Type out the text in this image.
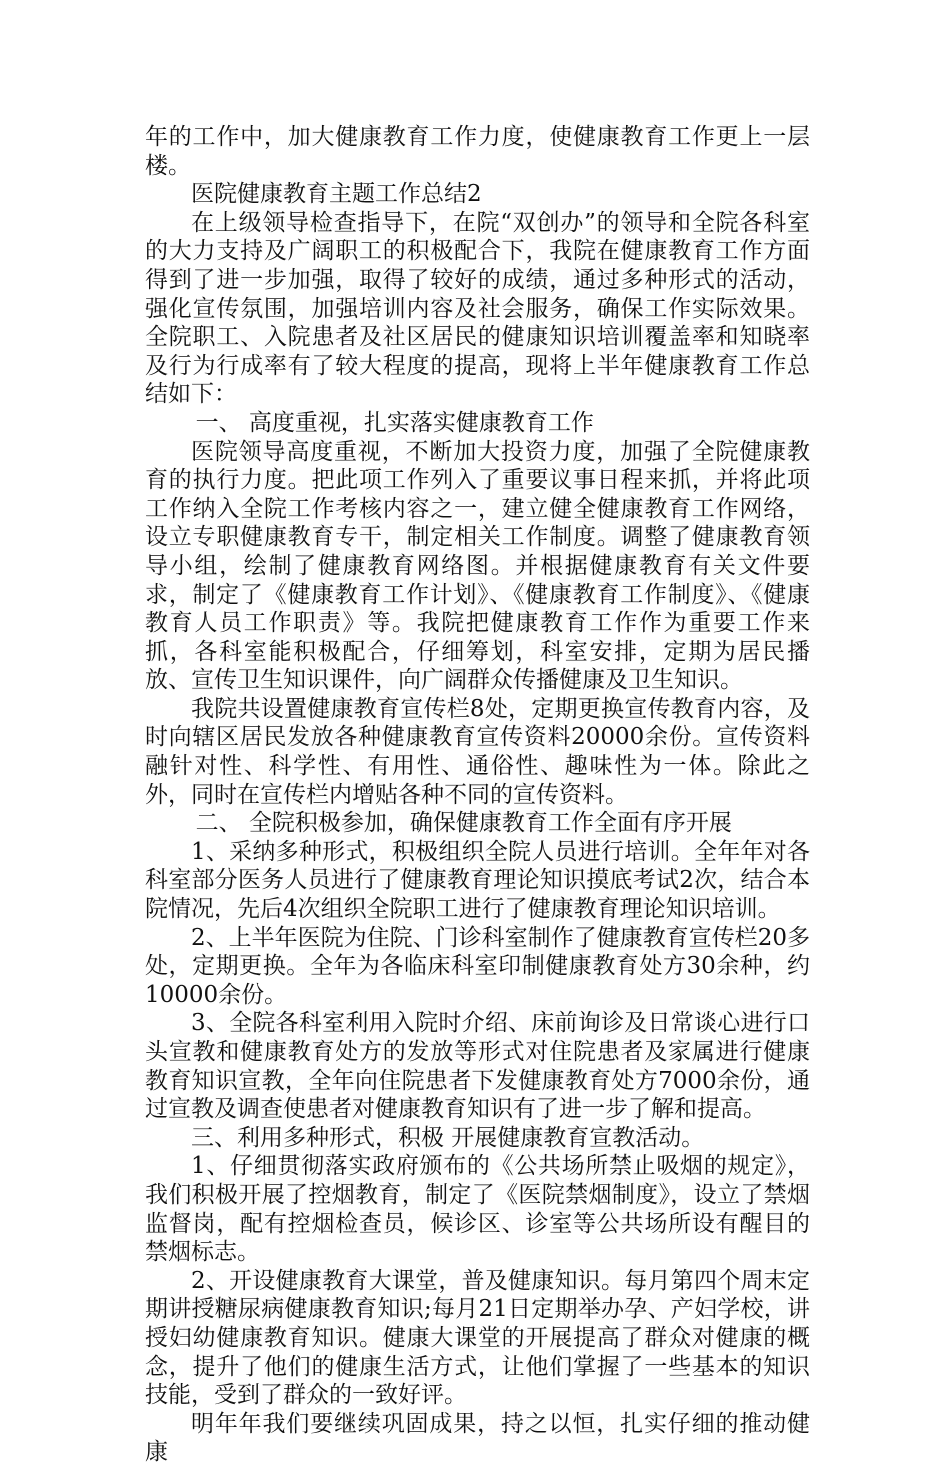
年的工作中，加大健康教育工作力度，使健康教育工作更上一层楼。

医院健康教育主题工作总结2

在上级领导检查指导下，在院“双创办”的领导和全院各科室的大力支持及广阔职工的积极配合下，我院在健康教育工作方面得到了进一步加强，取得了较好的成绩，通过多种形式的活动，强化宣传氛围，加强培训内容及社会服务，确保工作实际效果。全院职工、入院患者及社区居民的健康知识培训覆盖率和知晓率及行为行成率有了较大程度的提高，现将上半年健康教育工作总结如下：

一、 高度重视，扎实落实健康教育工作

医院领导高度重视，不断加大投资力度，加强了全院健康教育的执行力度。把此项工作列入了重要议事日程来抓，并将此项工作纳入全院工作考核内容之一，建立健全健康教育工作网络，设立专职健康教育专干，制定相关工作制度。调整了健康教育领导小组，绘制了健康教育网络图。并根据健康教育有关文件要求，制定了《健康教育工作计划》、《健康教育工作制度》、《健康教育人员工作职责》等。我院把健康教育工作作为重要工作来抓，各科室能积极配合，仔细筹划，科室安排，定期为居民播放、宣传卫生知识课件，向广阔群众传播健康及卫生知识。

我院共设置健康教育宣传栏8处，定期更换宣传教育内容，及时向辖区居民发放各种健康教育宣传资料20000余份。宣传资料融针对性、科学性、有用性、通俗性、趣味性为一体。除此之外，同时在宣传栏内增贴各种不同的宣传资料。

二、 全院积极参加，确保健康教育工作全面有序开展

1、采纳多种形式，积极组织全院人员进行培训。全年年对各科室部分医务人员进行了健康教育理论知识摸底考试2次，结合本院情况，先后4次组织全院职工进行了健康教育理论知识培训。

2、上半年医院为住院、门诊科室制作了健康教育宣传栏20多处，定期更换。全年为各临床科室印制健康教育处方30余种，约10000余份。

3、全院各科室利用入院时介绍、床前询诊及日常谈心进行口头宣教和健康教育处方的发放等形式对住院患者及家属进行健康教育知识宣教，全年向住院患者下发健康教育处方7000余份，通过宣教及调查使患者对健康教育知识有了进一步了解和提高。

三、利用多种形式，积极 开展健康教育宣教活动。

1、仔细贯彻落实政府颁布的《公共场所禁止吸烟的规定》，我们积极开展了控烟教育，制定了《医院禁烟制度》，设立了禁烟监督岗，配有控烟检查员，候诊区、诊室等公共场所设有醒目的禁烟标志。

2、开设健康教育大课堂，普及健康知识。每月第四个周末定期讲授糖尿病健康教育知识;每月21日定期举办孕、产妇学校，讲授妇幼健康教育知识。健康大课堂的开展提高了群众对健康的概念，提升了他们的健康生活方式，让他们掌握了一些基本的知识技能，受到了群众的一致好评。

明年年我们要继续巩固成果，持之以恒，扎实仔细的推动健康
